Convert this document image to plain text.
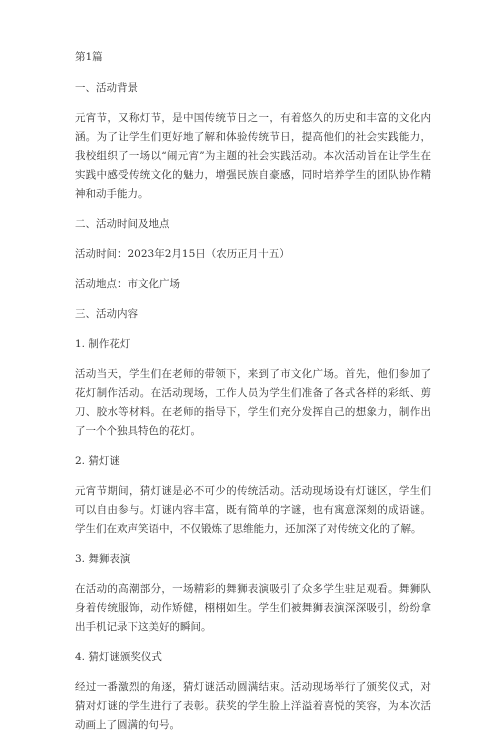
第1篇

一、活动背景

元宵节，又称灯节，是中国传统节日之一，有着悠久的历史和丰富的文化内涵。为了让学生们更好地了解和体验传统节日，提高他们的社会实践能力，我校组织了一场以“闹元宵”为主题的社会实践活动。本次活动旨在让学生在实践中感受传统文化的魅力，增强民族自豪感，同时培养学生的团队协作精神和动手能力。

二、活动时间及地点

活动时间：2023年2月15日（农历正月十五）

活动地点：市文化广场

三、活动内容

1. 制作花灯

活动当天，学生们在老师的带领下，来到了市文化广场。首先，他们参加了花灯制作活动。在活动现场，工作人员为学生们准备了各式各样的彩纸、剪刀、胶水等材料。在老师的指导下，学生们充分发挥自己的想象力，制作出了一个个独具特色的花灯。

2. 猜灯谜

元宵节期间，猜灯谜是必不可少的传统活动。活动现场设有灯谜区，学生们可以自由参与。灯谜内容丰富，既有简单的字谜，也有寓意深刻的成语谜。学生们在欢声笑语中，不仅锻炼了思维能力，还加深了对传统文化的了解。

3. 舞狮表演

在活动的高潮部分，一场精彩的舞狮表演吸引了众多学生驻足观看。舞狮队身着传统服饰，动作矫健，栩栩如生。学生们被舞狮表演深深吸引，纷纷拿出手机记录下这美好的瞬间。

4. 猜灯谜颁奖仪式

经过一番激烈的角逐，猜灯谜活动圆满结束。活动现场举行了颁奖仪式，对猜对灯谜的学生进行了表彰。获奖的学生脸上洋溢着喜悦的笑容，为本次活动画上了圆满的句号。
